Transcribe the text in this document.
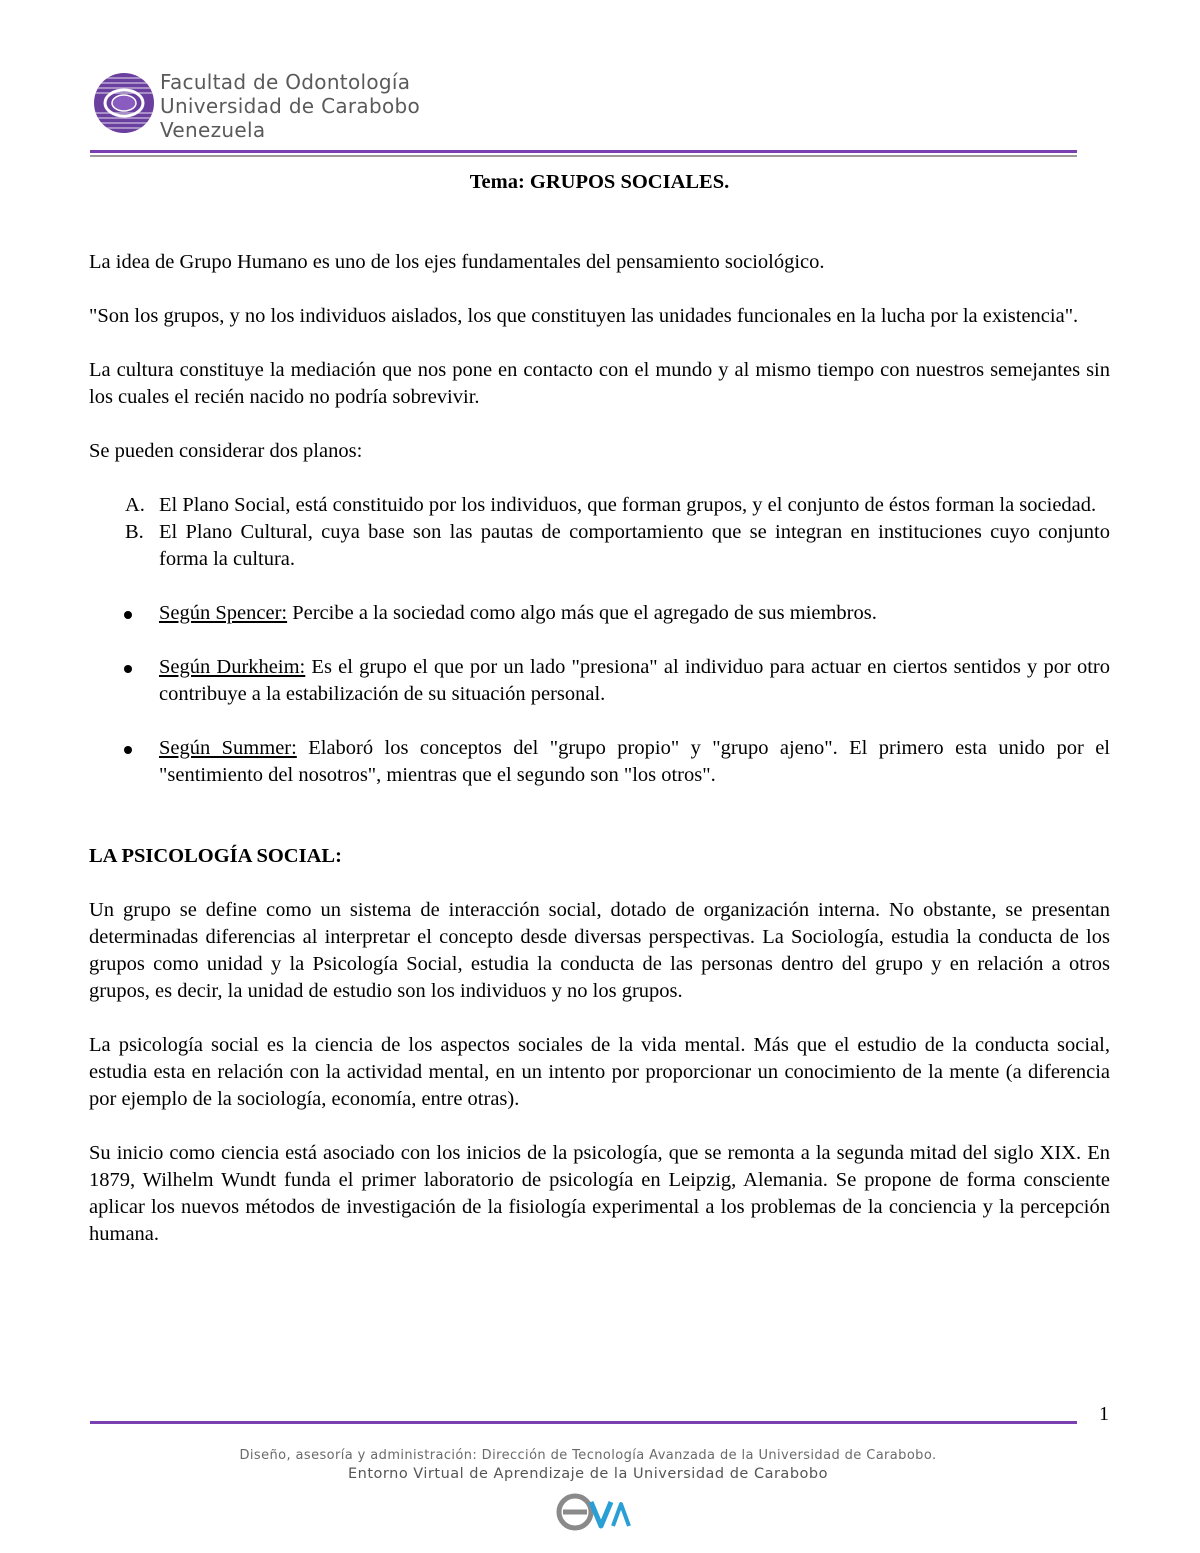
Facultad de Odontología
Universidad de Carabobo
Venezuela
Tema: GRUPOS SOCIALES.

La idea de Grupo Humano es uno de los ejes fundamentales del pensamiento sociológico.

"Son los grupos, y no los individuos aislados, los que constituyen las unidades funcionales en la lucha por la existencia".

La cultura constituye la mediación que nos pone en contacto con el mundo y al mismo tiempo con nuestros semejantes sin los cuales el recién nacido no podría sobrevivir.

Se pueden considerar dos planos:

A. El Plano Social, está constituido por los individuos, que forman grupos, y el conjunto de éstos forman la sociedad.
B. El Plano Cultural, cuya base son las pautas de comportamiento que se integran en instituciones cuyo conjunto forma la cultura.
Según Spencer: Percibe a la sociedad como algo más que el agregado de sus miembros.
Según Durkheim: Es el grupo el que por un lado "presiona" al individuo para actuar en ciertos sentidos y por otro contribuye a la estabilización de su situación personal.
Según Summer: Elaboró los conceptos del "grupo propio" y "grupo ajeno". El primero esta unido por el "sentimiento del nosotros", mientras que el segundo son "los otros".
LA PSICOLOGÍA SOCIAL:

Un grupo se define como un sistema de interacción social, dotado de organización interna. No obstante, se presentan determinadas diferencias al interpretar el concepto desde diversas perspectivas. La Sociología, estudia la conducta de los grupos como unidad y la Psicología Social, estudia la conducta de las personas dentro del grupo y en relación a otros grupos, es decir, la unidad de estudio son los individuos y no los grupos.

La psicología social es la ciencia de los aspectos sociales de la vida mental. Más que el estudio de la conducta social, estudia esta en relación con la actividad mental, en un intento por proporcionar un conocimiento de la mente (a diferencia por ejemplo de la sociología, economía, entre otras).

Su inicio como ciencia está asociado con los inicios de la psicología, que se remonta a la segunda mitad del siglo XIX. En 1879, Wilhelm Wundt funda el primer laboratorio de psicología en Leipzig, Alemania. Se propone de forma consciente aplicar los nuevos métodos de investigación de la fisiología experimental a los problemas de la conciencia y la percepción humana.

1
Diseño, asesoría y administración: Dirección de Tecnología Avanzada de la Universidad de Carabobo.
Entorno Virtual de Aprendizaje de la Universidad de Carabobo
eva
